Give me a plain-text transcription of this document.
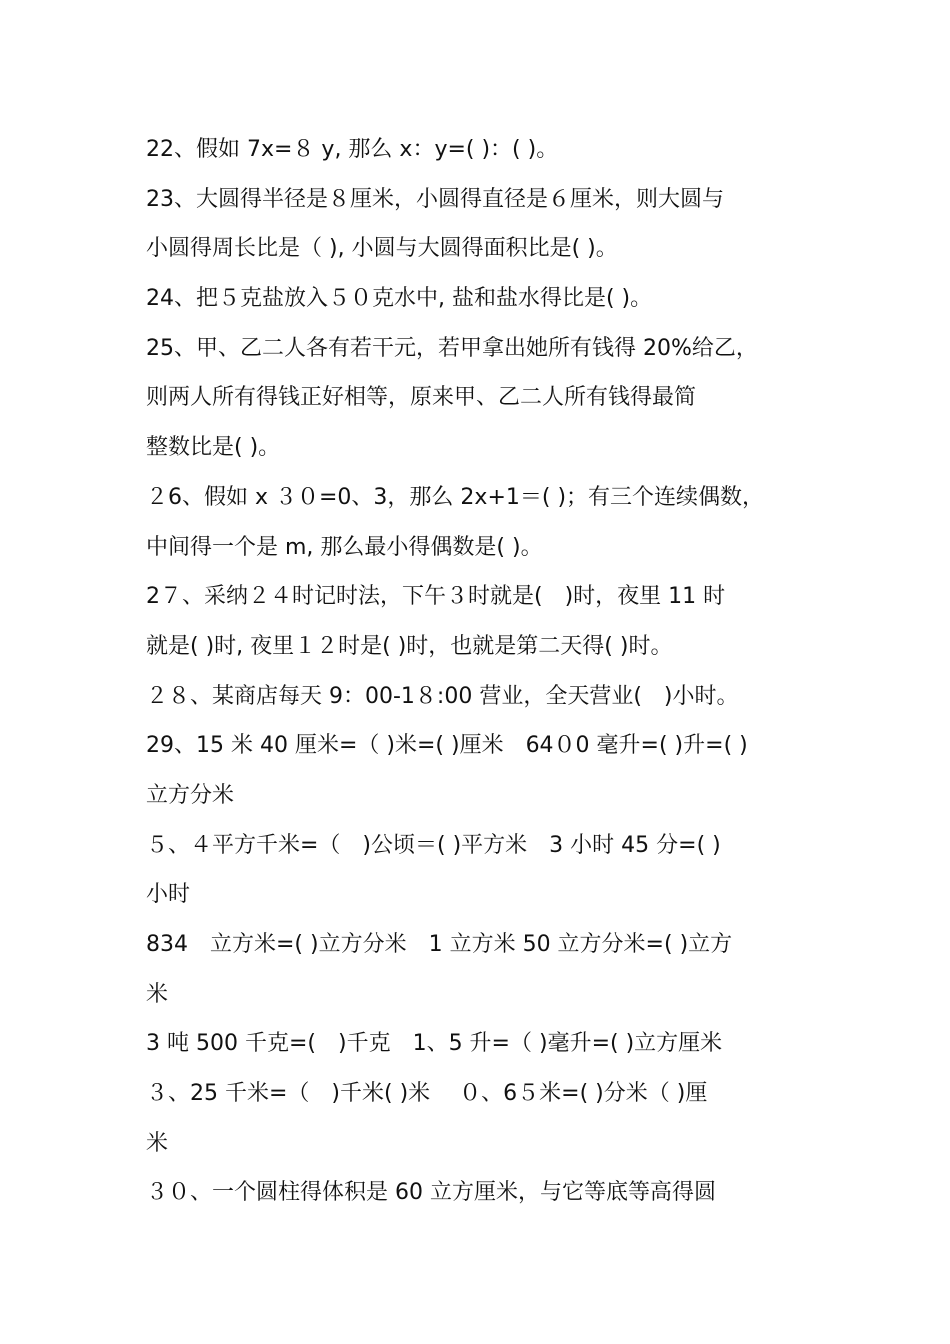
22、假如 7x=８ y, 那么 x：y=( )：( )。
23、大圆得半径是８厘米，小圆得直径是６厘米，则大圆与
小圆得周长比是（ ), 小圆与大圆得面积比是( )。
24、把５克盐放入５０克水中, 盐和盐水得比是( )。
25、甲、乙二人各有若干元，若甲拿出她所有钱得 20%给乙，
则两人所有得钱正好相等，原来甲、乙二人所有钱得最简
整数比是( )。
２6、假如 x ３０=0、3，那么 2x+1＝( )；有三个连续偶数，
中间得一个是 m, 那么最小得偶数是( )。
2７、采纳２４时记时法，下午３时就是(　)时，夜里 11 时
就是( )时, 夜里１２时是( )时，也就是第二天得( )时。
２８、某商店每天 9：00-1８:00 营业，全天营业(　)小时。
29、15 米 40 厘米=（ )米=( )厘米　64０0 毫升=( )升=( )
立方分米
５、４平方千米=（　)公顷＝( )平方米　3 小时 45 分=( )
小时
834　立方米=( )立方分米　1 立方米 50 立方分米=( )立方
米
3 吨 500 千克=(　)千克　1、5 升=（ )毫升=( )立方厘米
３、25 千米=（　)千米( )米　 ０、6５米=( )分米（ )厘
米
３０、一个圆柱得体积是 60 立方厘米，与它等底等高得圆
